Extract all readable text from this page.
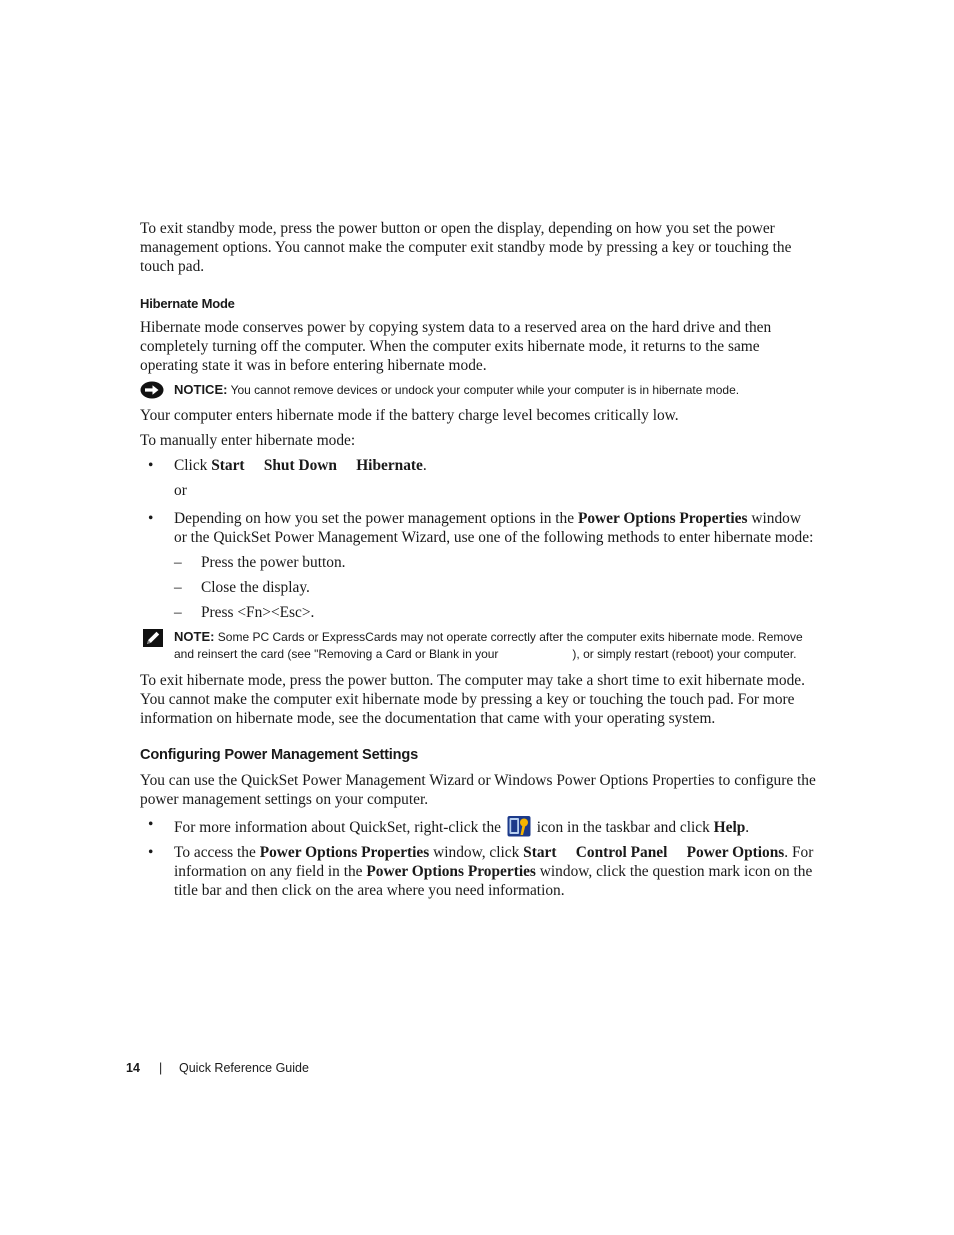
To exit standby mode, press the power button or open the display, depending on how you set the power management options. You cannot make the computer exit standby mode by pressing a key or touching the touch pad.

Hibernate Mode

Hibernate mode conserves power by copying system data to a reserved area on the hard drive and then completely turning off the computer. When the computer exits hibernate mode, it returns to the same operating state it was in before entering hibernate mode.

NOTICE: You cannot remove devices or undock your computer while your computer is in hibernate mode.

Your computer enters hibernate mode if the battery charge level becomes critically low.

To manually enter hibernate mode:

• Click Start Shut Down Hibernate.
or
• Depending on how you set the power management options in the Power Options Properties window or the QuickSet Power Management Wizard, use one of the following methods to enter hibernate mode:
– Press the power button.
– Close the display.
– Press <Fn><Esc>.
NOTE: Some PC Cards or ExpressCards may not operate correctly after the computer exits hibernate mode. Remove and reinsert the card (see "Removing a Card or Blank in your	), or simply restart (reboot) your computer.

To exit hibernate mode, press the power button. The computer may take a short time to exit hibernate mode. You cannot make the computer exit hibernate mode by pressing a key or touching the touch pad. For more information on hibernate mode, see the documentation that came with your operating system.

Configuring Power Management Settings

You can use the QuickSet Power Management Wizard or Windows Power Options Properties to configure the power management settings on your computer.

• For more information about QuickSet, right-click the icon in the taskbar and click Help.
• To access the Power Options Properties window, click Start Control Panel Power Options. For information on any field in the Power Options Properties window, click the question mark icon on the title bar and then click on the area where you need information.
14 | Quick Reference Guide
